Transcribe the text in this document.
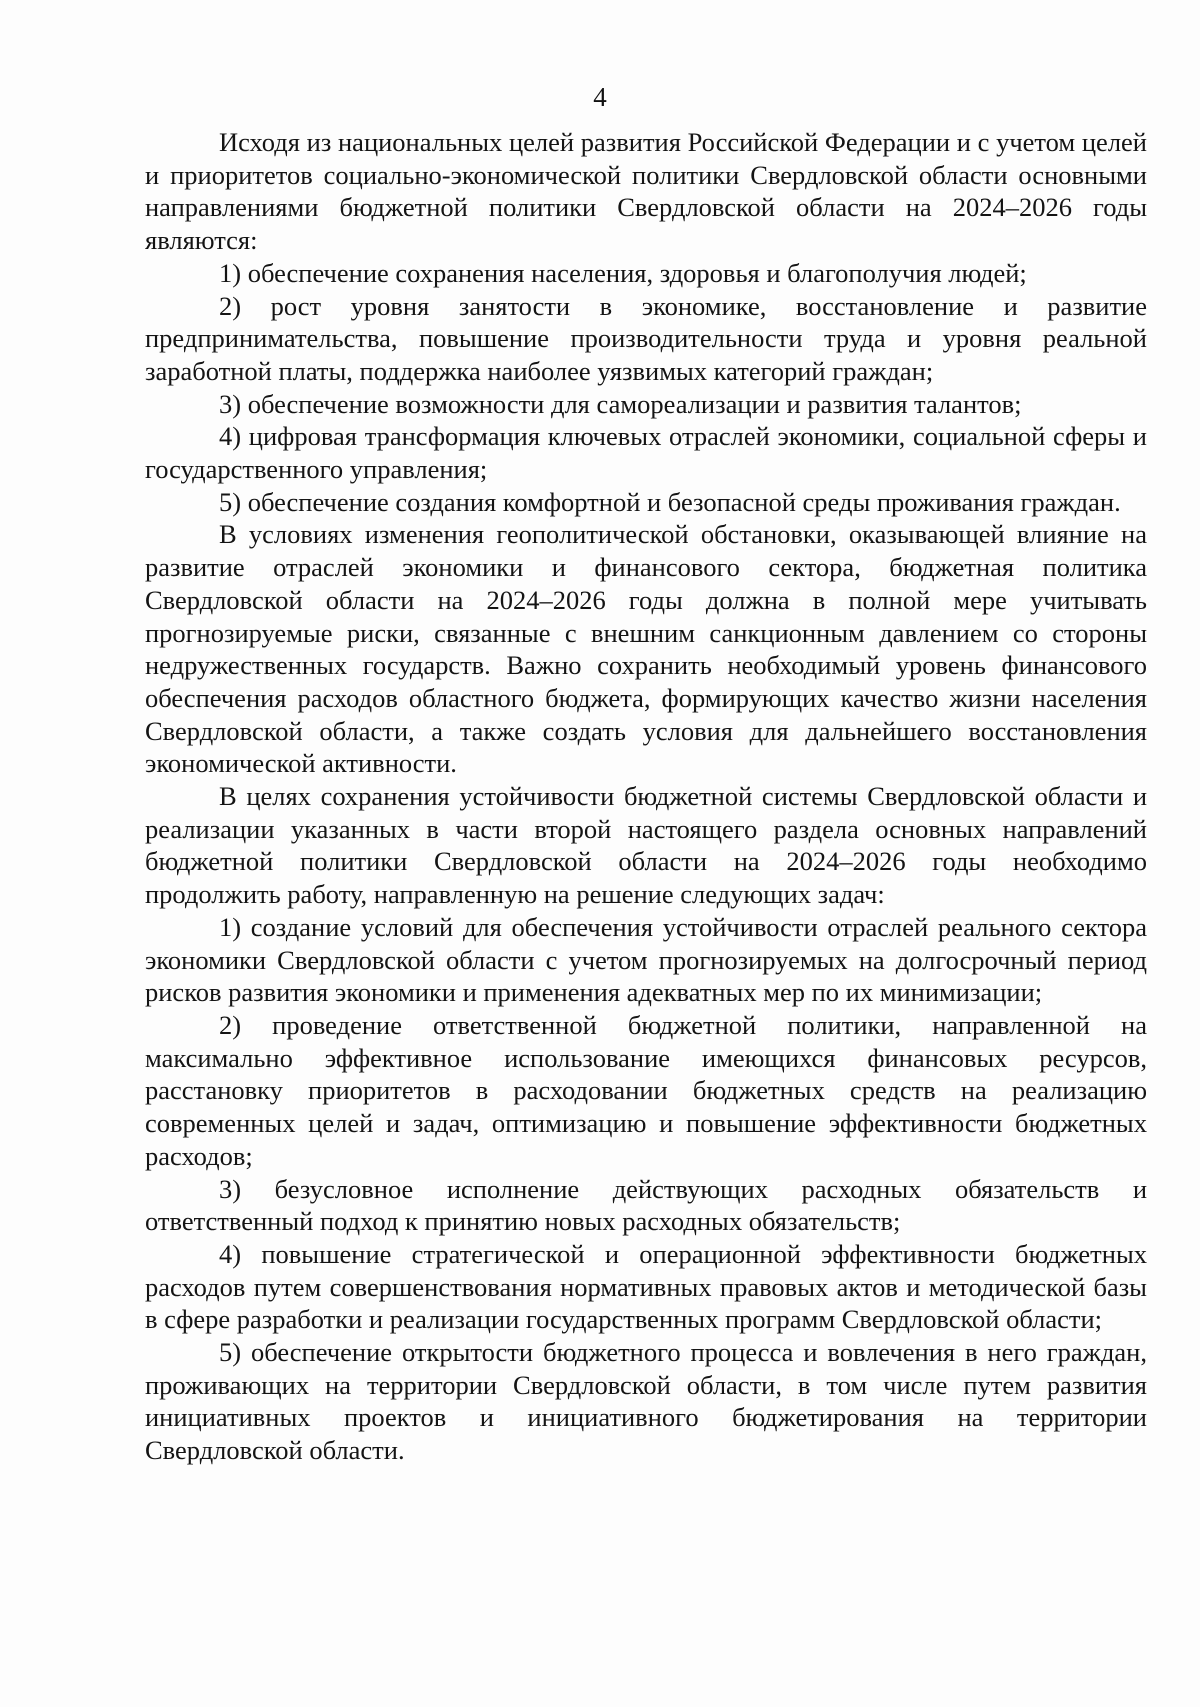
4

Исходя из национальных целей развития Российской Федерации и с учетом целей и приоритетов социально-экономической политики Свердловской области основными направлениями бюджетной политики Свердловской области на 2024–2026 годы являются:

1) обеспечение сохранения населения, здоровья и благополучия людей;

2) рост уровня занятости в экономике, восстановление и развитие предпринимательства, повышение производительности труда и уровня реальной заработной платы, поддержка наиболее уязвимых категорий граждан;

3) обеспечение возможности для самореализации и развития талантов;

4) цифровая трансформация ключевых отраслей экономики, социальной сферы и государственного управления;

5) обеспечение создания комфортной и безопасной среды проживания граждан.

В условиях изменения геополитической обстановки, оказывающей влияние на развитие отраслей экономики и финансового сектора, бюджетная политика Свердловской области на 2024–2026 годы должна в полной мере учитывать прогнозируемые риски, связанные с внешним санкционным давлением со стороны недружественных государств. Важно сохранить необходимый уровень финансового обеспечения расходов областного бюджета, формирующих качество жизни населения Свердловской области, а также создать условия для дальнейшего восстановления экономической активности.

В целях сохранения устойчивости бюджетной системы Свердловской области и реализации указанных в части второй настоящего раздела основных направлений бюджетной политики Свердловской области на 2024–2026 годы необходимо продолжить работу, направленную на решение следующих задач:

1) создание условий для обеспечения устойчивости отраслей реального сектора экономики Свердловской области с учетом прогнозируемых на долгосрочный период рисков развития экономики и применения адекватных мер по их минимизации;

2) проведение ответственной бюджетной политики, направленной на максимально эффективное использование имеющихся финансовых ресурсов, расстановку приоритетов в расходовании бюджетных средств на реализацию современных целей и задач, оптимизацию и повышение эффективности бюджетных расходов;

3) безусловное исполнение действующих расходных обязательств и ответственный подход к принятию новых расходных обязательств;

4) повышение стратегической и операционной эффективности бюджетных расходов путем совершенствования нормативных правовых актов и методической базы в сфере разработки и реализации государственных программ Свердловской области;

5) обеспечение открытости бюджетного процесса и вовлечения в него граждан, проживающих на территории Свердловской области, в том числе путем развития инициативных проектов и инициативного бюджетирования на территории Свердловской области.
